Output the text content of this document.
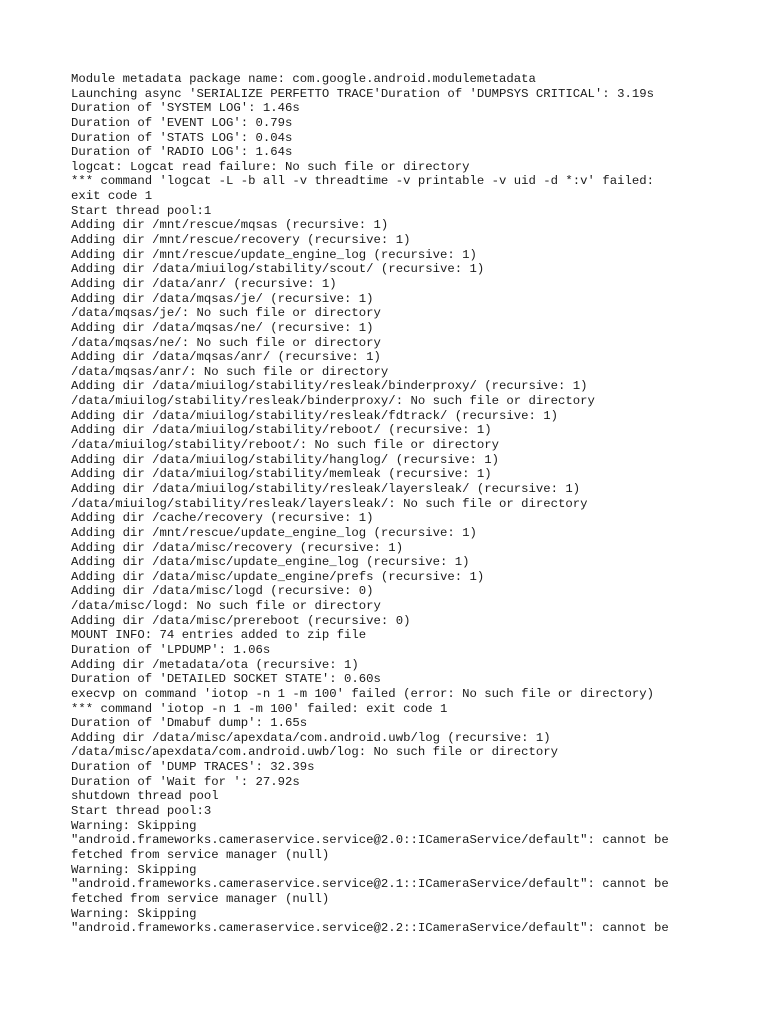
Module metadata package name: com.google.android.modulemetadata
Launching async 'SERIALIZE PERFETTO TRACE'Duration of 'DUMPSYS CRITICAL': 3.19s
Duration of 'SYSTEM LOG': 1.46s
Duration of 'EVENT LOG': 0.79s
Duration of 'STATS LOG': 0.04s
Duration of 'RADIO LOG': 1.64s
logcat: Logcat read failure: No such file or directory
*** command 'logcat -L -b all -v threadtime -v printable -v uid -d *:v' failed:
exit code 1
Start thread pool:1
Adding dir /mnt/rescue/mqsas (recursive: 1)
Adding dir /mnt/rescue/recovery (recursive: 1)
Adding dir /mnt/rescue/update_engine_log (recursive: 1)
Adding dir /data/miuilog/stability/scout/ (recursive: 1)
Adding dir /data/anr/ (recursive: 1)
Adding dir /data/mqsas/je/ (recursive: 1)
/data/mqsas/je/: No such file or directory
Adding dir /data/mqsas/ne/ (recursive: 1)
/data/mqsas/ne/: No such file or directory
Adding dir /data/mqsas/anr/ (recursive: 1)
/data/mqsas/anr/: No such file or directory
Adding dir /data/miuilog/stability/resleak/binderproxy/ (recursive: 1)
/data/miuilog/stability/resleak/binderproxy/: No such file or directory
Adding dir /data/miuilog/stability/resleak/fdtrack/ (recursive: 1)
Adding dir /data/miuilog/stability/reboot/ (recursive: 1)
/data/miuilog/stability/reboot/: No such file or directory
Adding dir /data/miuilog/stability/hanglog/ (recursive: 1)
Adding dir /data/miuilog/stability/memleak (recursive: 1)
Adding dir /data/miuilog/stability/resleak/layersleak/ (recursive: 1)
/data/miuilog/stability/resleak/layersleak/: No such file or directory
Adding dir /cache/recovery (recursive: 1)
Adding dir /mnt/rescue/update_engine_log (recursive: 1)
Adding dir /data/misc/recovery (recursive: 1)
Adding dir /data/misc/update_engine_log (recursive: 1)
Adding dir /data/misc/update_engine/prefs (recursive: 1)
Adding dir /data/misc/logd (recursive: 0)
/data/misc/logd: No such file or directory
Adding dir /data/misc/prereboot (recursive: 0)
MOUNT INFO: 74 entries added to zip file
Duration of 'LPDUMP': 1.06s
Adding dir /metadata/ota (recursive: 1)
Duration of 'DETAILED SOCKET STATE': 0.60s
execvp on command 'iotop -n 1 -m 100' failed (error: No such file or directory)
*** command 'iotop -n 1 -m 100' failed: exit code 1
Duration of 'Dmabuf dump': 1.65s
Adding dir /data/misc/apexdata/com.android.uwb/log (recursive: 1)
/data/misc/apexdata/com.android.uwb/log: No such file or directory
Duration of 'DUMP TRACES': 32.39s
Duration of 'Wait for ': 27.92s
shutdown thread pool
Start thread pool:3
Warning: Skipping
"android.frameworks.cameraservice.service@2.0::ICameraService/default": cannot be
fetched from service manager (null)
Warning: Skipping
"android.frameworks.cameraservice.service@2.1::ICameraService/default": cannot be
fetched from service manager (null)
Warning: Skipping
"android.frameworks.cameraservice.service@2.2::ICameraService/default": cannot be
